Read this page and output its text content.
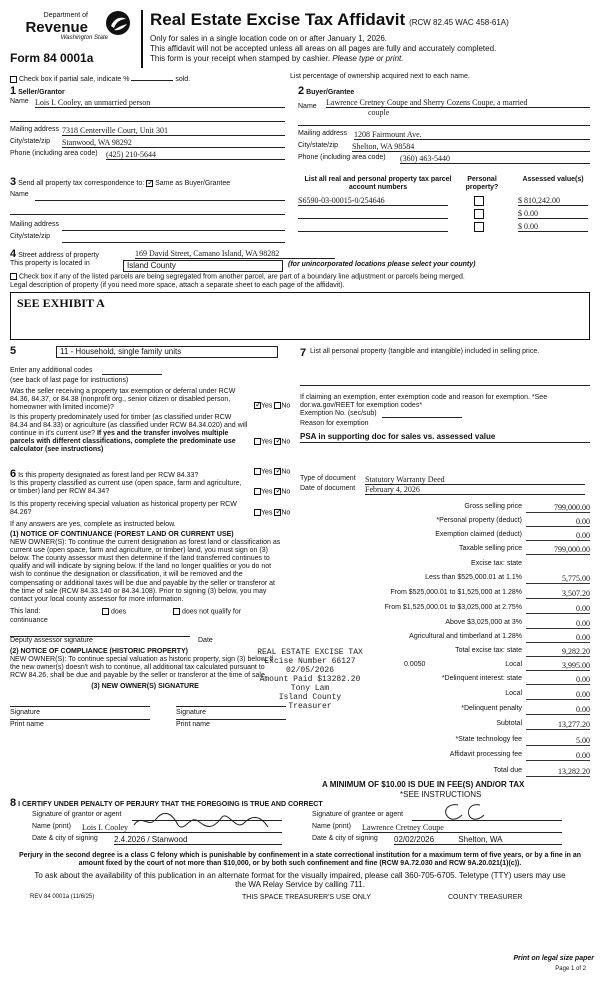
Department of
Revenue
Washington State
Form 84 0001a
Real Estate Excise Tax Affidavit (RCW 82.45 WAC 458-61A)
Only for sales in a single location code on or after January 1, 2026.
This affidavit will not be accepted unless all areas on all pages are fully and accurately completed.
This form is your receipt when stamped by cashier. Please type or print.
Check box if partial sale, indicate %	sold.	List percentage of ownership acquired next to each name.
1 Seller/Grantor
Name Lois I. Cooley, an unmarried person
Mailing address 7318 Centerville Court, Unit 301
City/state/zip Stanwood, WA 98292
Phone (including area code) (425) 210-5644
2 Buyer/Grantee
Name Lawrence Cretney Coupe and Sherry Cozens Coupe, a married
couple
Mailing address 1208 Fairmount Ave.
City/state/zip Shelton, WA 98584
Phone (including area code) (360) 463-5440
3 Send all property tax correspondence to: ✓ Same as Buyer/Grantee
Name
Mailing address
City/state/zip
List all real and personal property tax parcel account numbers
Personal property?
Assessed value(s)
S6590-03-00015-0/254646	$ 810,242.00
$ 0.00
$ 0.00
4 Street address of property	169 David Street, Camano Island, WA 98282
This property is located in	Island County	(for unincorporated locations please select your county)
Check box if any of the listed parcels are being segregated from another parcel, are part of a boundary line adjustment or parcels being merged.
Legal description of property (if you need more space, attach a separate sheet to each page of the affidavit).
SEE EXHIBIT A
5	11 - Household, single family units
Enter any additional codes
(see back of last page for instructions)
Was the seller receiving a property tax exemption or deferral under RCW 84.36, 84.37, or 84.38 (nonprofit org., senior citizen or disabled person, homeowner with limited income)? ✓	Yes No
Is this property predominately used for timber (as classified under RCW 84.34 and 84.33) or agriculture (as classified under RCW 84.34.020) and will continue in it's current use? If yes and the transfer involves multiple parcels with different classifications, complete the predominate use calculator (see instructions)
Yes ✓ No
6 Is this property designated as forest land per RCW 84.33?
Yes ✓ No
Is this property classified as current use (open space, farm and agriculture, or timber) land per RCW 84.34?	Yes ✓ No
Is this property receiving special valuation as historical property per RCW 84.26?	Yes ✓ No
If any answers are yes, complete as instructed below.
(1) NOTICE OF CONTINUANCE (FOREST LAND OR CURRENT USE)
NEW OWNER(S): To continue the current designation as forest land or classification as current use (open space, farm and agriculture, or timber) land, you must sign on (3) below. The county assessor must then determine if the land transferred continues to qualify and will indicate by signing below. If the land no longer qualifies or you do not wish to continue the designation or classification, it will be removed and the compensating or additional taxes will be due and payable by the seller or transferor at the time of sale (RCW 84.33.140 or 84.34.108). Prior to signing (3) below, you may contact your local county assessor for more information.
This land:	does	does not qualify for
continuance
Deputy assessor signature	Date
(2) NOTICE OF COMPLIANCE (HISTORIC PROPERTY)
NEW OWNER(S): To continue special valuation as historic property, sign (3) below. If the new owner(s) doesn't wish to continue, all additional tax calculated pursuant to RCW 84.26, shall be due and payable by the seller or transferor at the time of sale.
(3) NEW OWNER(S) SIGNATURE
Signature	Signature
Print name	Print name
7 List all personal property (tangible and intangible) included in selling price.
If claiming an exemption, enter exemption code and reason for exemption. *See dor.wa.gov/REET for exemption codes*
Exemption No. (sec/sub)
Reason for exemption
PSA in supporting doc for sales vs. assessed value
Type of document Statutory Warranty Deed
Date of document February 4, 2026
Gross selling price	799,000.00
*Personal property (deduct)	0.00
Exemption claimed (deduct)	0.00
Taxable selling price	799,000.00
Excise tax: state
Less than $525,000.01 at 1.1%	5,775.00
From $525,000.01 to $1,525,000 at 1.28%	3,507.20
From $1,525,000.01 to $3,025,000 at 2.75%	0.00
Above $3,025,000 at 3%	0.00
Agricultural and timberland at 1.28%	0.00
Total excise tax: state	9,282.20
0.0050	Local	3,995.00
*Delinquent interest: state	0.00
Local	0.00
*Delinquent penalty	0.00
Subtotal	13,277.20
*State technology fee	5.00
Affidavit processing fee	0.00
Total due	13,282.20
A MINIMUM OF $10.00 IS DUE IN FEE(S) AND/OR TAX
*SEE INSTRUCTIONS
REAL ESTATE EXCISE TAX
Excise Number 66127
02/05/2026
Amount Paid $13282.20
Tony Lam
Island County Treasurer
8 I CERTIFY UNDER PENALTY OF PERJURY THAT THE FOREGOING IS TRUE AND CORRECT
Signature of grantor or agent
Name (print) Lois I. Cooley
Date & city of signing 2.4.2026 / Stanwood
Signature of grantee or agent
Name (print) Lawrence Cretney Coupe
Date & city of signing 02/02/2026	Shelton, WA
Perjury in the second degree is a class C felony which is punishable by confinement in a state correctional institution for a maximum term of five years, or by a fine in an amount fixed by the court of not more than $10,000, or by both such confinement and fine (RCW 9A.72.030 and RCW 9A.20.021(1)(c)).
To ask about the availability of this publication in an alternate format for the visually impaired, please call 360-705-6705. Teletype (TTY) users may use the WA Relay Service by calling 711.
REV 84 0001a (11/6/25)	THIS SPACE TREASURER'S USE ONLY	COUNTY TREASURER
Print on legal size paper
Page 1 of 2
